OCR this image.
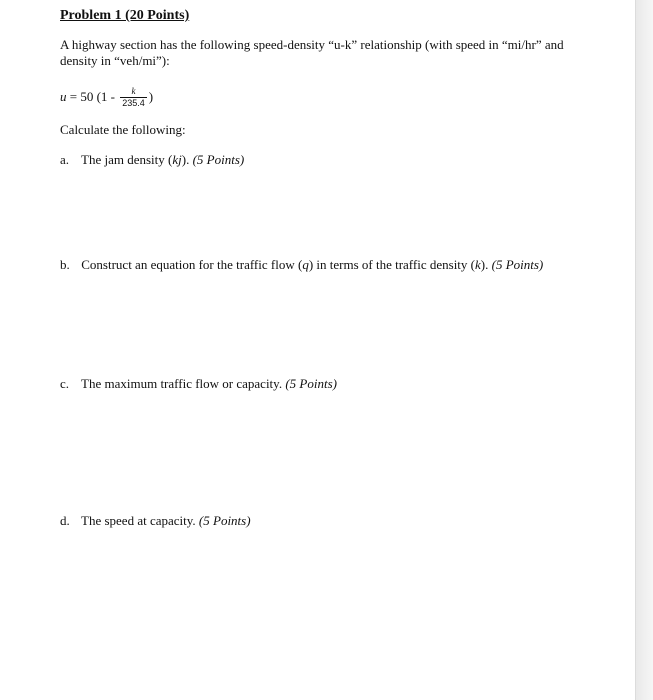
Problem 1 (20 Points)
A highway section has the following speed-density “u-k” relationship (with speed in “mi/hr” and density in “veh/mi”):
u = 50 ($1 - \frac{k}{235.4}$ )
Calculate the following:
a. The jam density (kj). (5 Points)
b. Construct an equation for the traffic flow (q) in terms of the traffic density (k). (5 Points)
c. The maximum traffic flow or capacity. (5 Points)
d. The speed at capacity. (5 Points)
